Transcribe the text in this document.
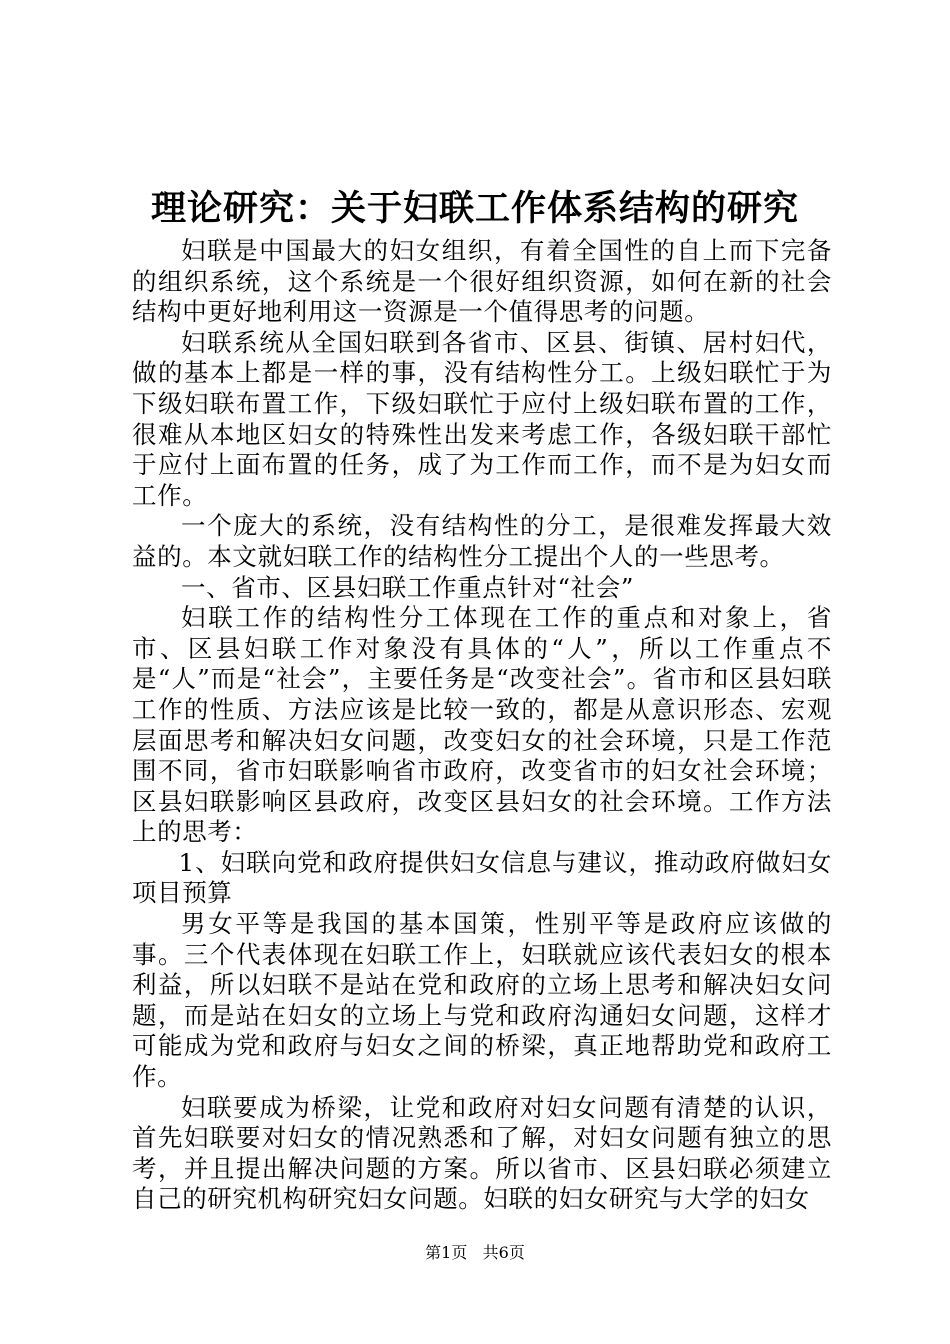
理论研究：关于妇联工作体系结构的研究

妇联是中国最大的妇女组织，有着全国性的自上而下完备的组织系统，这个系统是一个很好组织资源，如何在新的社会结构中更好地利用这一资源是一个值得思考的问题。

妇联系统从全国妇联到各省市、区县、街镇、居村妇代，做的基本上都是一样的事，没有结构性分工。上级妇联忙于为下级妇联布置工作，下级妇联忙于应付上级妇联布置的工作，很难从本地区妇女的特殊性出发来考虑工作，各级妇联干部忙于应付上面布置的任务，成了为工作而工作，而不是为妇女而工作。

一个庞大的系统，没有结构性的分工，是很难发挥最大效益的。本文就妇联工作的结构性分工提出个人的一些思考。

一、省市、区县妇联工作重点针对“社会”

妇联工作的结构性分工体现在工作的重点和对象上，省市、区县妇联工作对象没有具体的“人”，所以工作重点不是“人”而是“社会”，主要任务是“改变社会”。省市和区县妇联工作的性质、方法应该是比较一致的，都是从意识形态、宏观层面思考和解决妇女问题，改变妇女的社会环境，只是工作范围不同，省市妇联影响省市政府，改变省市的妇女社会环境；区县妇联影响区县政府，改变区县妇女的社会环境。工作方法上的思考：

1、妇联向党和政府提供妇女信息与建议，推动政府做妇女项目预算

男女平等是我国的基本国策，性别平等是政府应该做的事。三个代表体现在妇联工作上，妇联就应该代表妇女的根本利益，所以妇联不是站在党和政府的立场上思考和解决妇女问题，而是站在妇女的立场上与党和政府沟通妇女问题，这样才可能成为党和政府与妇女之间的桥梁，真正地帮助党和政府工作。

妇联要成为桥梁，让党和政府对妇女问题有清楚的认识，首先妇联要对妇女的情况熟悉和了解，对妇女问题有独立的思考，并且提出解决问题的方案。所以省市、区县妇联必须建立自己的研究机构研究妇女问题。妇联的妇女研究与大学的妇女

第1页 共6页
